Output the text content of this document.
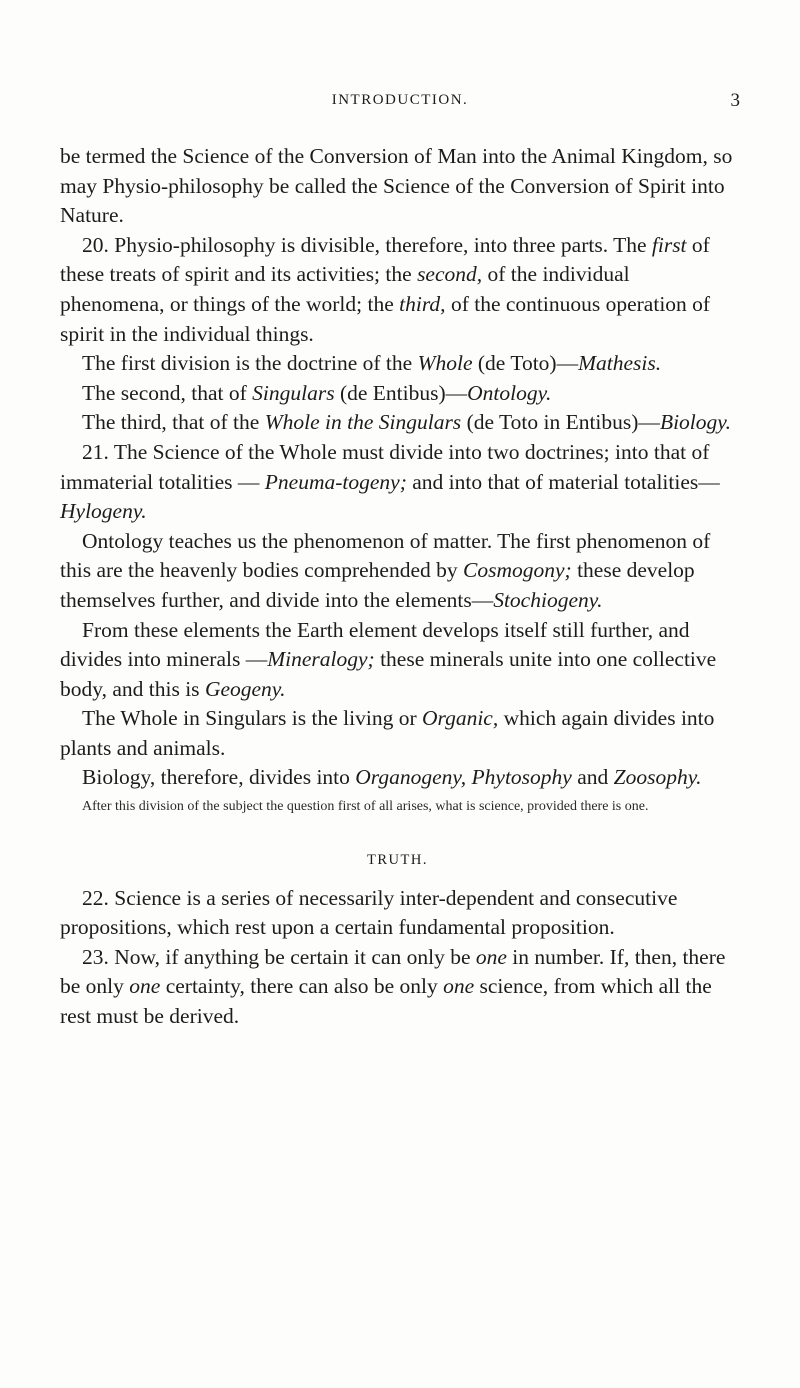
INTRODUCTION.	3

be termed the Science of the Conversion of Man into the Animal Kingdom, so may Physio-philosophy be called the Science of the Conversion of Spirit into Nature.

20. Physio-philosophy is divisible, therefore, into three parts. The first of these treats of spirit and its activities; the second, of the individual phenomena, or things of the world; the third, of the continuous operation of spirit in the individual things.

The first division is the doctrine of the Whole (de Toto)—Mathesis.

The second, that of Singulars (de Entibus)—Ontology.

The third, that of the Whole in the Singulars (de Toto in Entibus)—Biology.

21. The Science of the Whole must divide into two doctrines; into that of immaterial totalities — Pneuma-togeny; and into that of material totalities—Hylogeny.

Ontology teaches us the phenomenon of matter. The first phenomenon of this are the heavenly bodies comprehended by Cosmogony; these develop themselves further, and divide into the elements—Stochiogeny.

From these elements the Earth element develops itself still further, and divides into minerals —Mineralogy; these minerals unite into one collective body, and this is Geogeny.

The Whole in Singulars is the living or Organic, which again divides into plants and animals.

Biology, therefore, divides into Organogeny, Phytosophy and Zoosophy.

After this division of the subject the question first of all arises, what is science, provided there is one.

TRUTH.

22. Science is a series of necessarily inter-dependent and consecutive propositions, which rest upon a certain fundamental proposition.

23. Now, if anything be certain it can only be one in number. If, then, there be only one certainty, there can also be only one science, from which all the rest must be derived.
